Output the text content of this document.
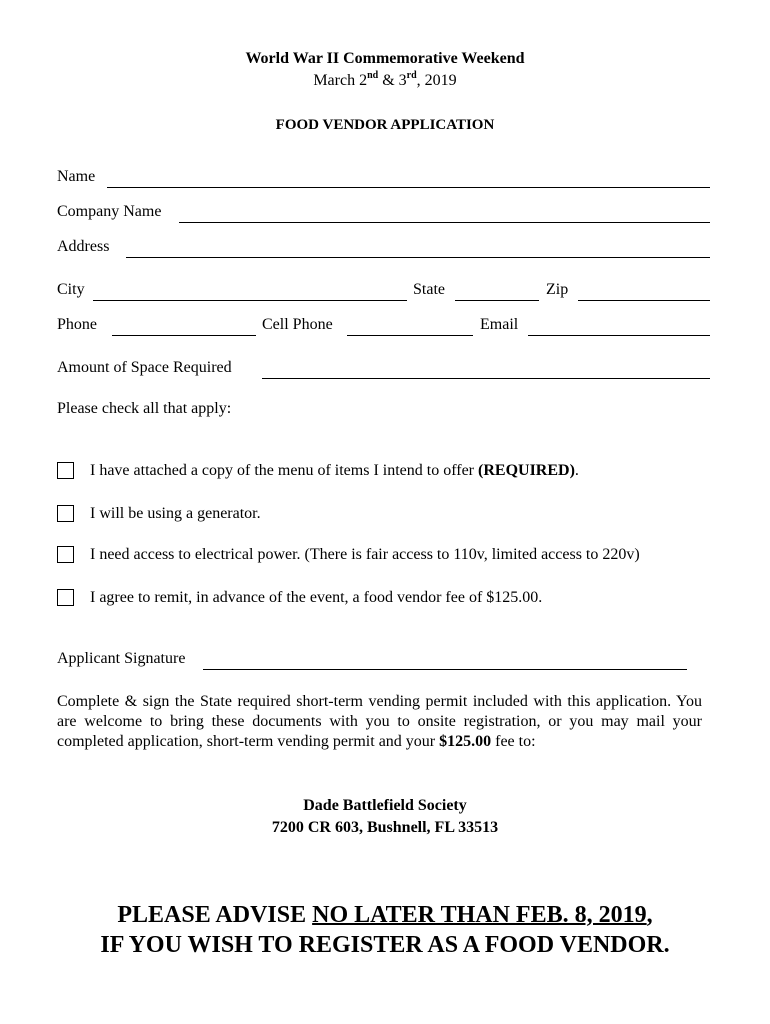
World War II Commemorative Weekend
March 2nd & 3rd, 2019
FOOD VENDOR APPLICATION
Name
Company Name
Address
City	State	Zip
Phone	Cell Phone	Email
Amount of Space Required
Please check all that apply:
I have attached a copy of the menu of items I intend to offer (REQUIRED).
I will be using a generator.
I need access to electrical power. (There is fair access to 110v, limited access to 220v)
I agree to remit, in advance of the event, a food vendor fee of $125.00.
Applicant Signature
Complete & sign the State required short-term vending permit included with this application. You are welcome to bring these documents with you to onsite registration, or you may mail your completed application, short-term vending permit and your $125.00 fee to:
Dade Battlefield Society
7200 CR 603, Bushnell, FL 33513
PLEASE ADVISE NO LATER THAN FEB. 8, 2019,
IF YOU WISH TO REGISTER AS A FOOD VENDOR.
